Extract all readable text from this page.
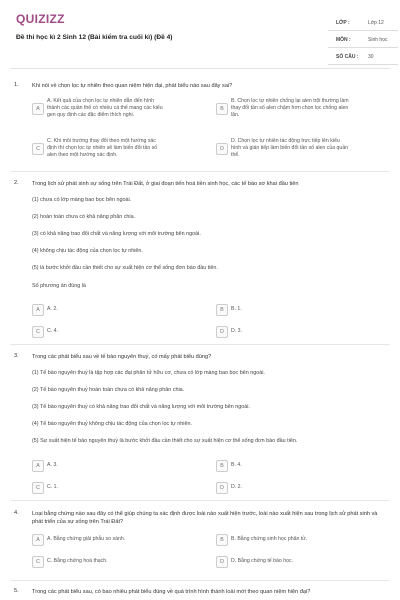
QUIZIZZ
Đề thi học kì 2 Sinh 12 (Bài kiểm tra cuối kì) (Đề 4)
LỚP :	Lớp 12
MÔN :	Sinh học
SỐ CÂU : 30
1. Khi nói về chọn lọc tự nhiên theo quan niệm hiện đại, phát biểu nào sau đây sai?
A
A. Kết quả của chọn lọc tự nhiên dẫn đến hình
thành các quần thể có nhiều cá thể mang các kiểu
gen quy định các đặc điểm thích nghi.
B
B. Chọn lọc tự nhiên chống lại alen trội thường làm
thay đổi tần số alen chậm hơn chọn lọc chống alen
lặn.
C
C. Khi môi trường thay đổi theo một hướng xác
định thì chọn lọc tự nhiên sẽ làm biến đổi tần số
alen theo một hướng xác định.
D
D. Chọn lọc tự nhiên tác động trực tiếp lên kiểu
hình và gián tiếp làm biến đổi tần số alen của quần
thể.
2. Trong lịch sử phát sinh sự sống trên Trái Đất, ở giai đoạn tiến hoá tiền sinh học, các tế bào sơ khai đầu tiên
(1) chưa có lớp màng bao bọc bên ngoài.
(2) hoàn toàn chưa có khả năng phân chia.
(3) có khả năng trao đổi chất và năng lượng với môi trường bên ngoài.
(4) không chịu tác động của chọn lọc tự nhiên.
(5) là bước khởi đầu cần thiết cho sự xuất hiện cơ thể sống đơn bào đầu tiên.
Số phương án đúng là
A	A. 2.	B	B. 1.
C	C. 4.	D	D. 3.
3. Trong các phát biểu sau về tế bào nguyên thuỷ, có mấy phát biểu đúng?
(1) Tế bào nguyên thuỷ là tập hợp các đại phân tử hữu cơ, chưa có lớp màng bao bọc bên ngoài.
(2) Tế bào nguyên thuỷ hoàn toàn chưa có khả năng phân chia.
(3) Tế bào nguyên thuỷ có khả năng trao đổi chất và năng lượng với môi trường bên ngoài.
(4) Tế bào nguyên thuỷ không chịu tác động của chọn lọc tự nhiên.
(5) Sự xuất hiện tế bào nguyên thuỷ là bước khởi đầu cần thiết cho sự xuất hiện cơ thể sống đơn bào đầu tiên.
A	A. 3.	B	B. 4.
C	C. 1.	D	D. 2.
4. Loại bằng chứng nào sau đây có thể giúp chúng ta xác định được loài nào xuất hiện trước, loài nào xuất hiện sau trong lịch sử phát sinh và phát triển của sự sống trên Trái Đất?
A	A. Bằng chứng giải phẫu so sánh.	B	B. Bằng chứng sinh học phân tử.
C	C. Bằng chứng hoá thạch.	D	D. Bằng chứng tế bào học.
5. Trong các phát biểu sau, có bao nhiêu phát biểu đúng về quá trình hình thành loài mới theo quan niệm hiện đại?
